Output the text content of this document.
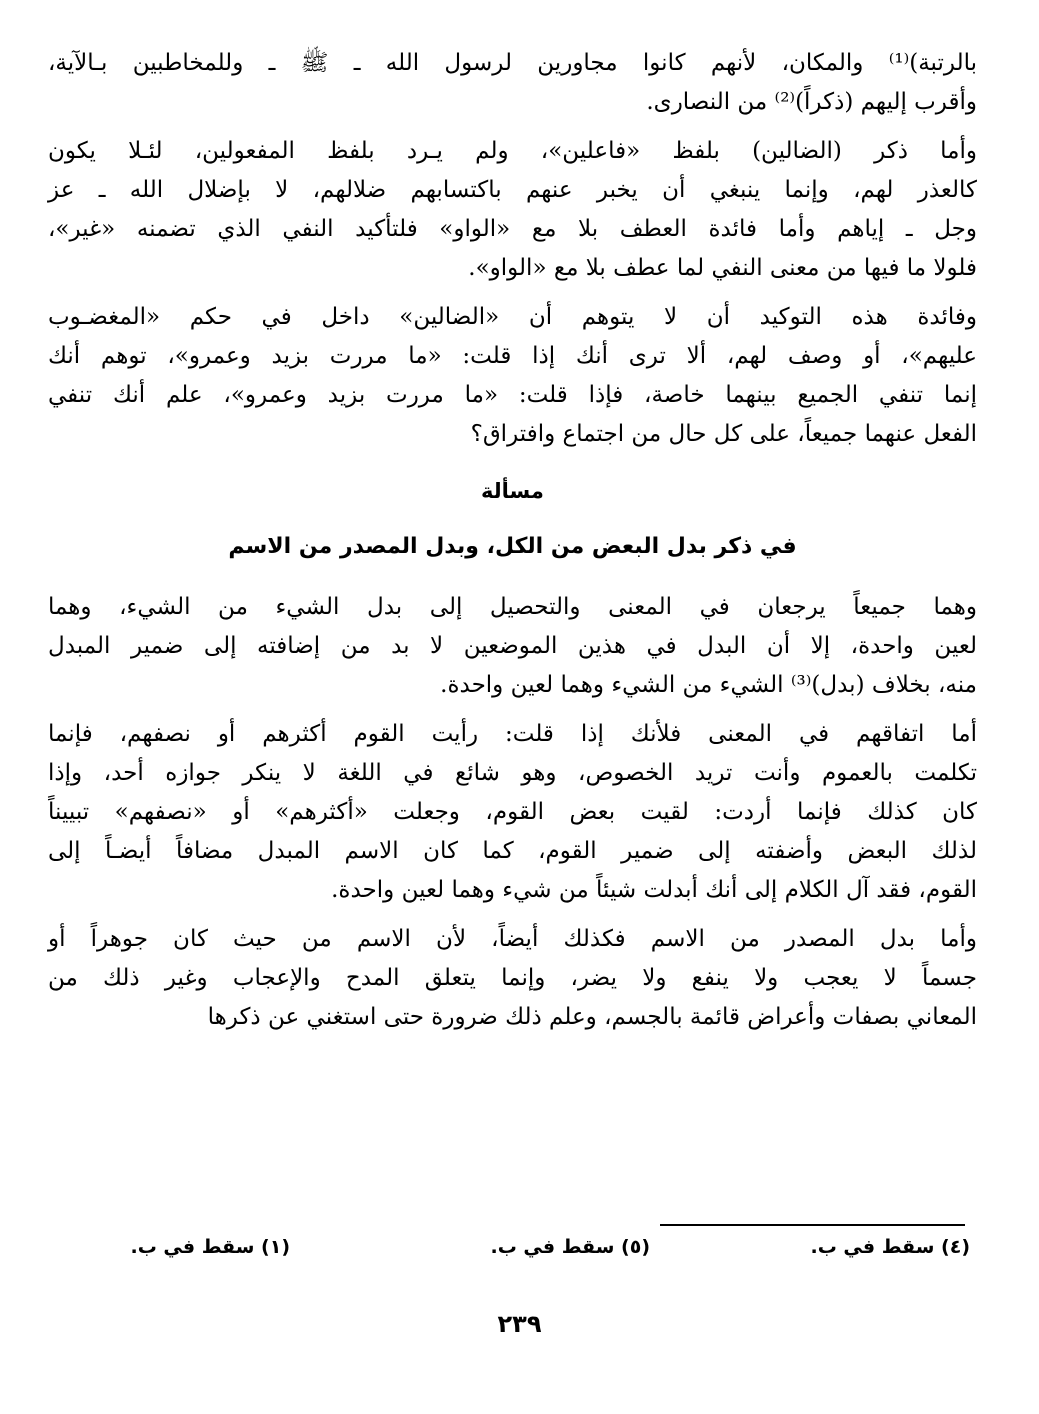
بالرتبة)⁽¹⁾ والمكان، لأنهم كانوا مجاورين لرسول الله ـ ﷺ ـ وللمخاطبين بـالآية،
وأقرب إليهم (ذكراً)⁽²⁾ من النصارى.
وأما ذكر (الضالين) بلفظ «فاعلين»، ولم يـرد بلفظ المفعولين، لئـلا يكون
كالعذر لهم، وإنما ينبغي أن يخبر عنهم باكتسابهم ضلالهم، لا بإضلال الله ـ عز
وجل ـ إياهم وأما فائدة العطف بلا مع «الواو» فلتأكيد النفي الذي تضمنه «غير»،
فلولا ما فيها من معنى النفي لما عطف بلا مع «الواو».
وفائدة هذه التوكيد أن لا يتوهم أن «الضالين» داخل في حكم «المغضـوب
عليهم»، أو وصف لهم، ألا ترى أنك إذا قلت: «ما مررت بزيد وعمرو»، توهم أنك
إنما تنفي الجميع بينهما خاصة، فإذا قلت: «ما مررت بزيد وعمرو»، علم أنك تنفي
الفعل عنهما جميعاً، على كل حال من اجتماع وافتراق؟
مسألة
في ذكر بدل البعض من الكل، وبدل المصدر من الاسم
وهما جميعاً يرجعان في المعنى والتحصيل إلى بدل الشيء من الشيء، وهما
لعين واحدة، إلا أن البدل في هذين الموضعين لا بد من إضافته إلى ضمير المبدل
منه، بخلاف (بدل)⁽³⁾ الشيء من الشيء وهما لعين واحدة.
أما اتفاقهم في المعنى فلأنك إذا قلت: رأيت القوم أكثرهم أو نصفهم، فإنما
تكلمت بالعموم وأنت تريد الخصوص، وهو شائع في اللغة لا ينكر جوازه أحد، وإذا
كان كذلك فإنما أردت: لقيت بعض القوم، وجعلت «أكثرهم» أو «نصفهم» تبييناً
لذلك البعض وأضفته إلى ضمير القوم، كما كان الاسم المبدل مضافاً أيضـاً إلى
القوم، فقد آل الكلام إلى أنك أبدلت شيئاً من شيء وهما لعين واحدة.
وأما بدل المصدر من الاسم فكذلك أيضاً، لأن الاسم من حيث كان جوهراً أو
جسماً لا يعجب ولا ينفع ولا يضر، وإنما يتعلق المدح والإعجاب وغير ذلك من
المعاني بصفات وأعراض قائمة بالجسم، وعلم ذلك ضرورة حتى استغني عن ذكرها
(٤) سقط في ب.
(٥) سقط في ب.
(١) سقط في ب.
٢٣٩
